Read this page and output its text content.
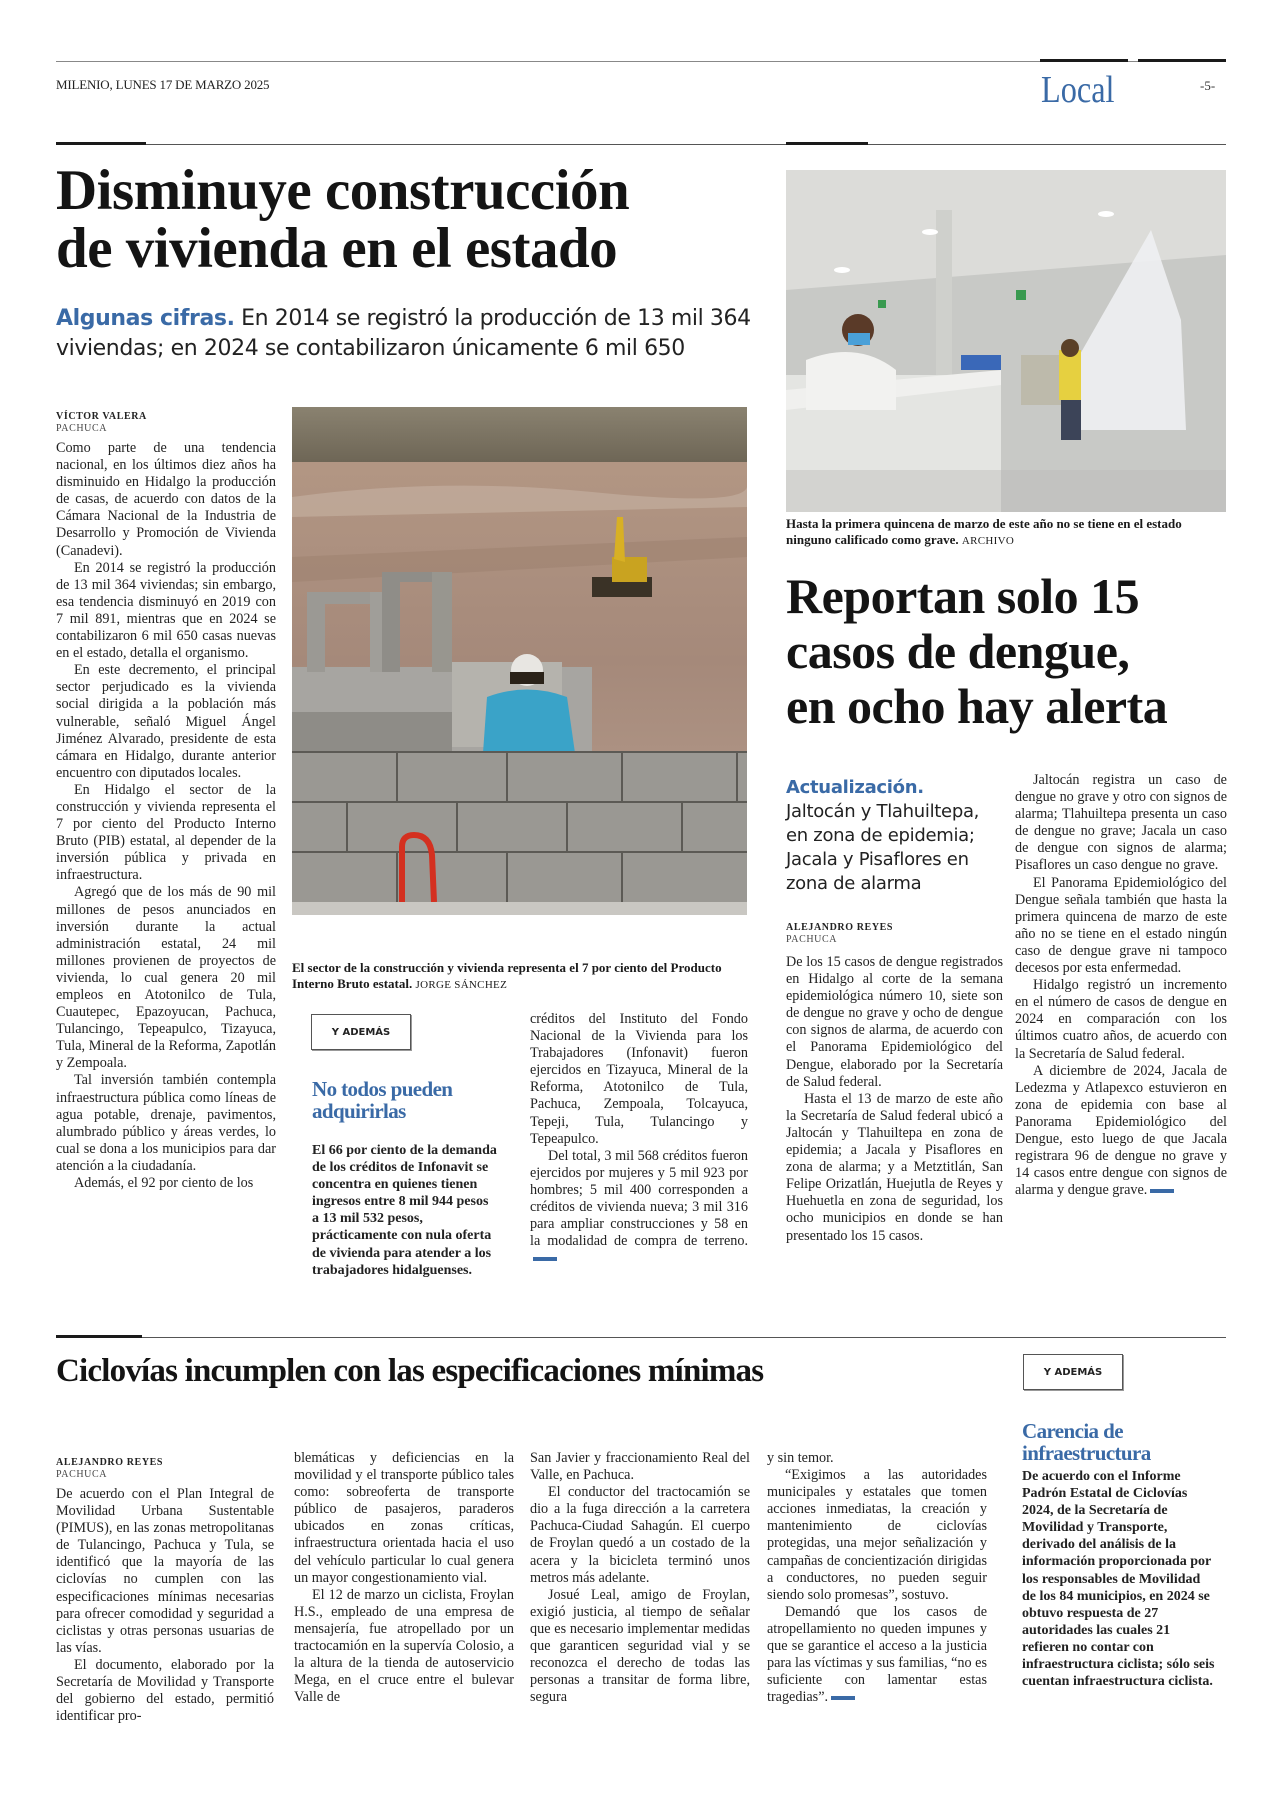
MILENIO, LUNES 17 DE MARZO 2025	Local	-5-
Disminuye construcción
de vivienda en el estado
Algunas cifras. En 2014 se registró la producción de 13 mil 364 viviendas; en 2024 se contabilizaron únicamente 6 mil 650
VÍCTOR VALERA
PACHUCA

Como parte de una tendencia nacional, en los últimos diez años ha disminuido en Hidalgo la producción de casas, de acuerdo con datos de la Cámara Nacional de la Industria de Desarrollo y Promoción de Vivienda (Canadevi).

En 2014 se registró la producción de 13 mil 364 viviendas; sin embargo, esa tendencia disminuyó en 2019 con 7 mil 891, mientras que en 2024 se contabilizaron 6 mil 650 casas nuevas en el estado, detalla el organismo.

En este decremento, el principal sector perjudicado es la vivienda social dirigida a la población más vulnerable, señaló Miguel Ángel Jiménez Alvarado, presidente de esta cámara en Hidalgo, durante anterior encuentro con diputados locales.

En Hidalgo el sector de la construcción y vivienda representa el 7 por ciento del Producto Interno Bruto (PIB) estatal, al depender de la inversión pública y privada en infraestructura.

Agregó que de los más de 90 mil millones de pesos anunciados en inversión durante la actual administración estatal, 24 mil millones provienen de proyectos de vivienda, lo cual genera 20 mil empleos en Atotonilco de Tula, Cuautepec, Epazoyucan, Pachuca, Tulancingo, Tepeapulco, Tizayuca, Tula, Mineral de la Reforma, Zapotlán y Zempoala.

Tal inversión también contempla infraestructura pública como líneas de agua potable, drenaje, pavimentos, alumbrado público y áreas verdes, lo cual se dona a los municipios para dar atención a la ciudadanía.

Además, el 92 por ciento de los

El sector de la construcción y vivienda representa el 7 por ciento del Producto Interno Bruto estatal. JORGE SÁNCHEZ
Y ADEMÁS
No todos pueden adquirirlas
El 66 por ciento de la demanda de los créditos de Infonavit se concentra en quienes tienen ingresos entre 8 mil 944 pesos a 13 mil 532 pesos, prácticamente con nula oferta de vivienda para atender a los trabajadores hidalguenses.

créditos del Instituto del Fondo Nacional de la Vivienda para los Trabajadores (Infonavit) fueron ejercidos en Tizayuca, Mineral de la Reforma, Atotonilco de Tula, Pachuca, Zempoala, Tolcayuca, Tepeji, Tula, Tulancingo y Tepeapulco.

Del total, 3 mil 568 créditos fueron ejercidos por mujeres y 5 mil 923 por hombres; 5 mil 400 corresponden a créditos de vivienda nueva; 3 mil 316 para ampliar construcciones y 58 en la modalidad de compra de terreno.

Hasta la primera quincena de marzo de este año no se tiene en el estado ninguno calificado como grave. ARCHIVO
Reportan solo 15
casos de dengue,
en ocho hay alerta
Actualización.
Jaltocán y Tlahuiltepa, en zona de epidemia; Jacala y Pisaflores en zona de alarma
ALEJANDRO REYES
PACHUCA

De los 15 casos de dengue registrados en Hidalgo al corte de la semana epidemiológica número 10, siete son de dengue no grave y ocho de dengue con signos de alarma, de acuerdo con el Panorama Epidemiológico del Dengue, elaborado por la Secretaría de Salud federal.

Hasta el 13 de marzo de este año la Secretaría de Salud federal ubicó a Jaltocán y Tlahuiltepa en zona de epidemia; a Jacala y Pisaflores en zona de alarma; y a Metztitlán, San Felipe Orizatlán, Huejutla de Reyes y Huehuetla en zona de seguridad, los ocho municipios en donde se han presentado los 15 casos.

Jaltocán registra un caso de dengue no grave y otro con signos de alarma; Tlahuiltepa presenta un caso de dengue no grave; Jacala un caso de dengue con signos de alarma; Pisaflores un caso dengue no grave.

El Panorama Epidemiológico del Dengue señala también que hasta la primera quincena de marzo de este año no se tiene en el estado ningún caso de dengue grave ni tampoco decesos por esta enfermedad.

Hidalgo registró un incremento en el número de casos de dengue en 2024 en comparación con los últimos cuatro años, de acuerdo con la Secretaría de Salud federal.

A diciembre de 2024, Jacala de Ledezma y Atlapexco estuvieron en zona de epidemia con base al Panorama Epidemiológico del Dengue, esto luego de que Jacala registrara 96 de dengue no grave y 14 casos entre dengue con signos de alarma y dengue grave.

Ciclovías incumplen con las especificaciones mínimas	Y ADEMÁS
ALEJANDRO REYES
PACHUCA

De acuerdo con el Plan Integral de Movilidad Urbana Sustentable (PIMUS), en las zonas metropolitanas de Tulancingo, Pachuca y Tula, se identificó que la mayoría de las ciclovías no cumplen con las especificaciones mínimas necesarias para ofrecer comodidad y seguridad a ciclistas y otras personas usuarias de las vías.

El documento, elaborado por la Secretaría de Movilidad y Transporte del gobierno del estado, permitió identificar pro-

blemáticas y deficiencias en la movilidad y el transporte público tales como: sobreoferta de transporte público de pasajeros, paraderos ubicados en zonas críticas, infraestructura orientada hacia el uso del vehículo particular lo cual genera un mayor congestionamiento vial.

El 12 de marzo un ciclista, Froylan H.S., empleado de una empresa de mensajería, fue atropellado por un tractocamión en la supervía Colosio, a la altura de la tienda de autoservicio Mega, en el cruce entre el bulevar Valle de

San Javier y fraccionamiento Real del Valle, en Pachuca.

El conductor del tractocamión se dio a la fuga dirección a la carretera Pachuca-Ciudad Sahagún. El cuerpo de Froylan quedó a un costado de la acera y la bicicleta terminó unos metros más adelante.

Josué Leal, amigo de Froylan, exigió justicia, al tiempo de señalar que es necesario implementar medidas que garanticen seguridad vial y se reconozca el derecho de todas las personas a transitar de forma libre, segura

y sin temor.

“Exigimos a las autoridades municipales y estatales que tomen acciones inmediatas, la creación y mantenimiento de ciclovías protegidas, una mejor señalización y campañas de concientización dirigidas a conductores, no pueden seguir siendo solo promesas”, sostuvo.

Demandó que los casos de atropellamiento no queden impunes y que se garantice el acceso a la justicia para las víctimas y sus familias, “no es suficiente con lamentar estas tragedias”.

Carencia de infraestructura
De acuerdo con el Informe Padrón Estatal de Ciclovías 2024, de la Secretaría de Movilidad y Transporte, derivado del análisis de la información proporcionada por los responsables de Movilidad de los 84 municipios, en 2024 se obtuvo respuesta de 27 autoridades las cuales 21 refieren no contar con infraestructura ciclista; sólo seis cuentan infraestructura ciclista.
